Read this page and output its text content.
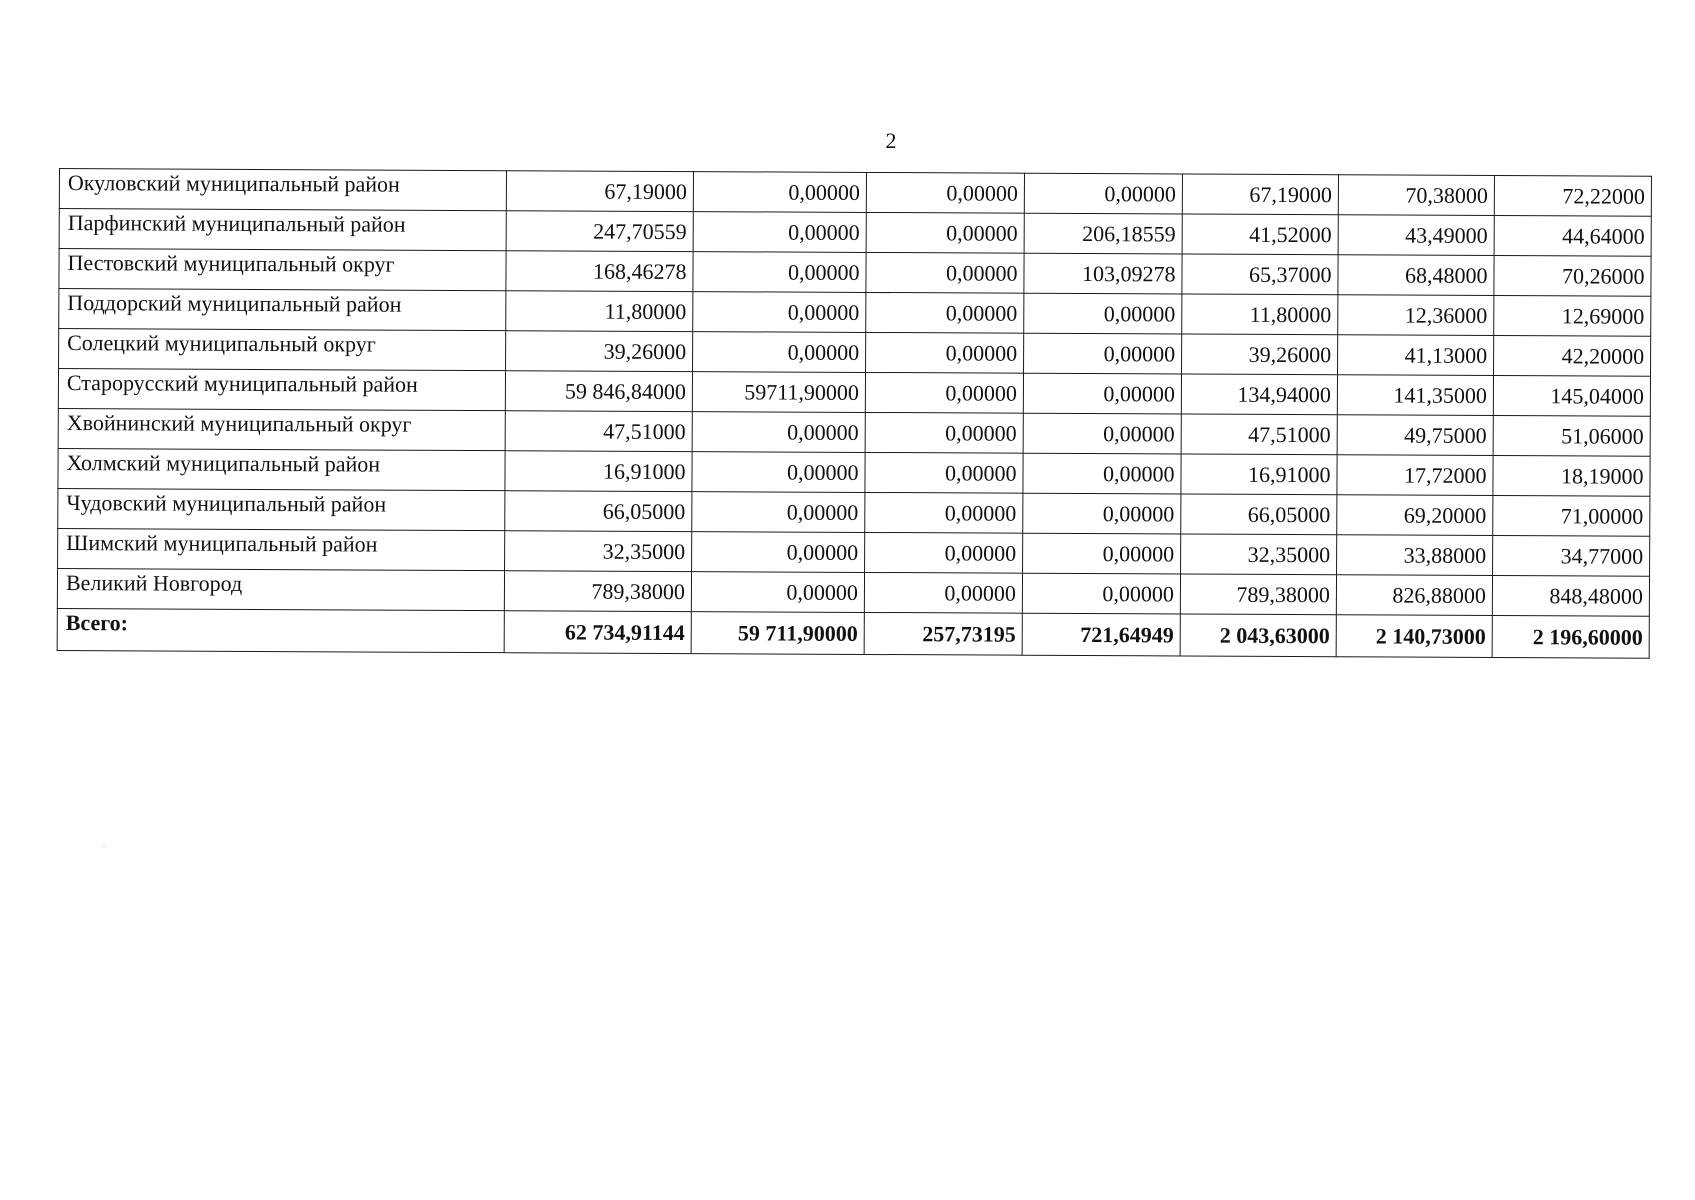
2
Окуловский муниципальный район	67,19000	0,00000	0,00000	0,00000	67,19000	70,38000	72,22000
Парфинский муниципальный район	247,70559	0,00000	0,00000	206,18559	41,52000	43,49000	44,64000
Пестовский муниципальный округ	168,46278	0,00000	0,00000	103,09278	65,37000	68,48000	70,26000
Поддорский муниципальный район	11,80000	0,00000	0,00000	0,00000	11,80000	12,36000	12,69000
Солецкий муниципальный округ	39,26000	0,00000	0,00000	0,00000	39,26000	41,13000	42,20000
Старорусский муниципальный район	59 846,84000	59711,90000	0,00000	0,00000	134,94000	141,35000	145,04000
Хвойнинский муниципальный округ	47,51000	0,00000	0,00000	0,00000	47,51000	49,75000	51,06000
Холмский муниципальный район	16,91000	0,00000	0,00000	0,00000	16,91000	17,72000	18,19000
Чудовский муниципальный район	66,05000	0,00000	0,00000	0,00000	66,05000	69,20000	71,00000
Шимский муниципальный район	32,35000	0,00000	0,00000	0,00000	32,35000	33,88000	34,77000
Великий Новгород	789,38000	0,00000	0,00000	0,00000	789,38000	826,88000	848,48000
Всего:	62 734,91144	59 711,90000	257,73195	721,64949	2 043,63000	2 140,73000	2 196,60000
